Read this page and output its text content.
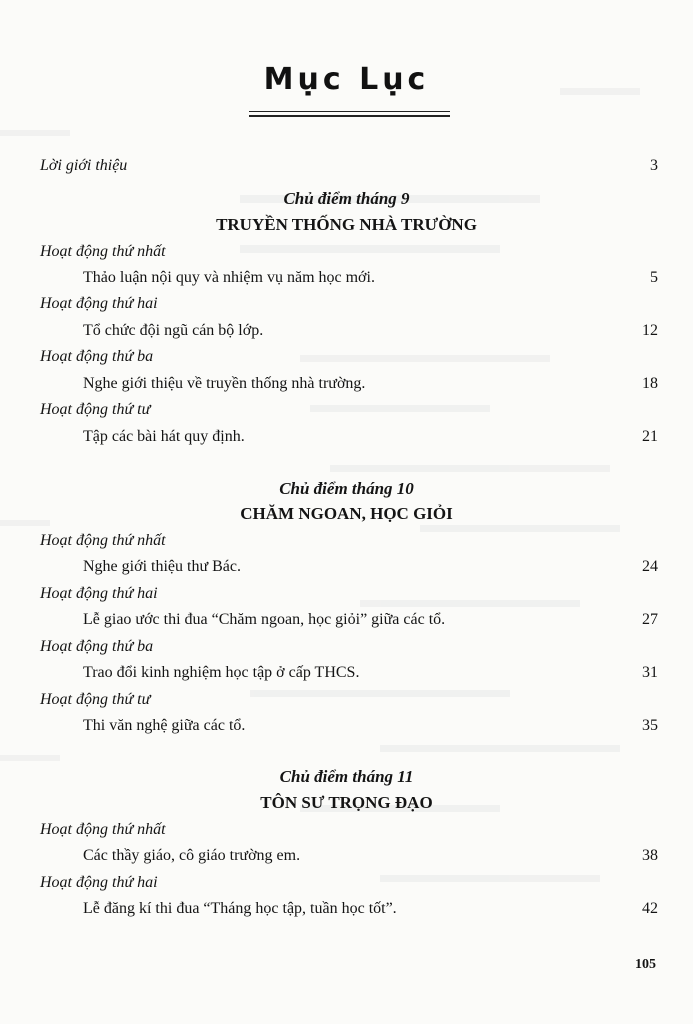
Mục Lục
Lời giới thiệu	3
Chủ điểm tháng 9
TRUYỀN THỐNG NHÀ TRƯỜNG
Hoạt động thứ nhất
Thảo luận nội quy và nhiệm vụ năm học mới.	5
Hoạt động thứ hai
Tổ chức đội ngũ cán bộ lớp.	12
Hoạt động thứ ba
Nghe giới thiệu về truyền thống nhà trường.	18
Hoạt động thứ tư
Tập các bài hát quy định.	21
Chủ điểm tháng 10
CHĂM NGOAN, HỌC GIỎI
Hoạt động thứ nhất
Nghe giới thiệu thư Bác.	24
Hoạt động thứ hai
Lễ giao ước thi đua “Chăm ngoan, học giỏi” giữa các tổ.	27
Hoạt động thứ ba
Trao đổi kinh nghiệm học tập ở cấp THCS.	31
Hoạt động thứ tư
Thi văn nghệ giữa các tổ.	35
Chủ điểm tháng 11
TÔN SƯ TRỌNG ĐẠO
Hoạt động thứ nhất
Các thầy giáo, cô giáo trường em.	38
Hoạt động thứ hai
Lễ đăng kí thi đua “Tháng học tập, tuần học tốt”.	42
105
